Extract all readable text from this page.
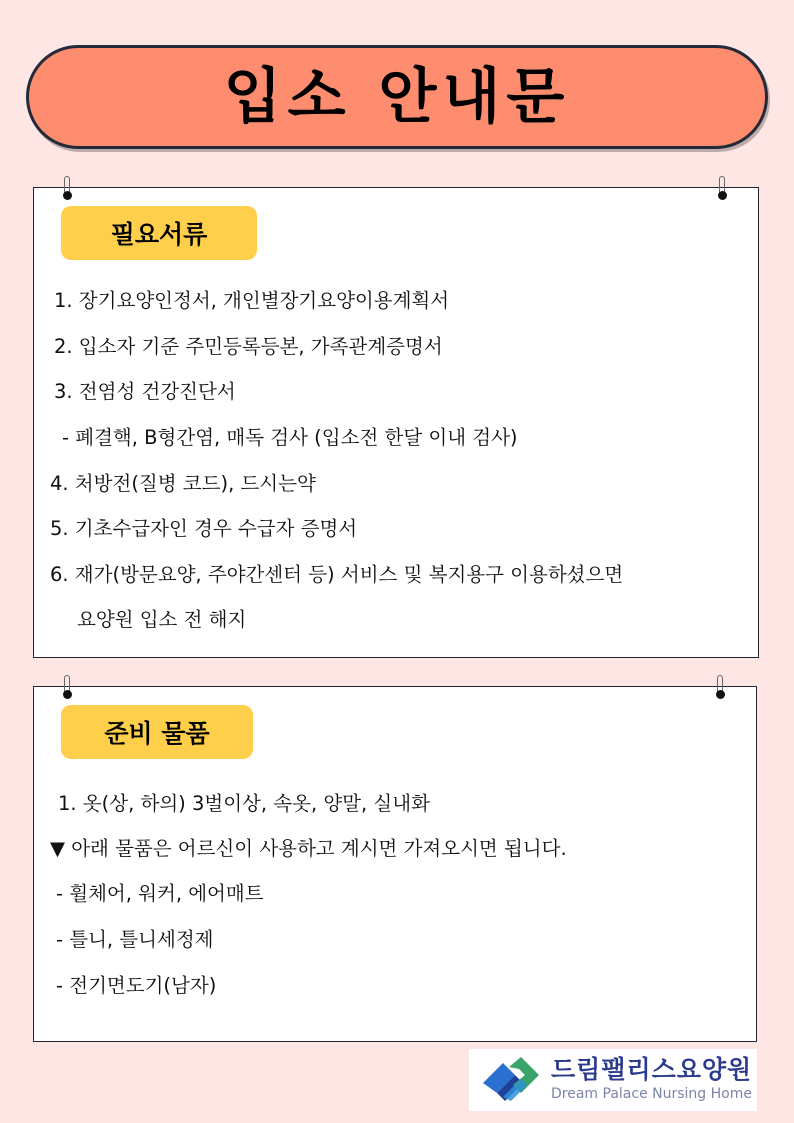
입소 안내문
필요서류
1. 장기요양인정서, 개인별장기요양이용계획서
2. 입소자 기준 주민등록등본, 가족관계증명서
3. 전염성 건강진단서
- 폐결핵, B형간염, 매독 검사 (입소전 한달 이내 검사)
4. 처방전(질병 코드), 드시는약
5. 기초수급자인 경우 수급자 증명서
6. 재가(방문요양, 주야간센터 등) 서비스 및 복지용구 이용하셨으면
요양원 입소 전 해지
준비 물품
1. 옷(상, 하의) 3벌이상, 속옷, 양말, 실내화
▼ 아래 물품은 어르신이 사용하고 계시면 가져오시면 됩니다.
- 휠체어, 워커, 에어매트
- 틀니, 틀니세정제
- 전기면도기(남자)
드림팰리스요양원
Dream Palace Nursing Home
